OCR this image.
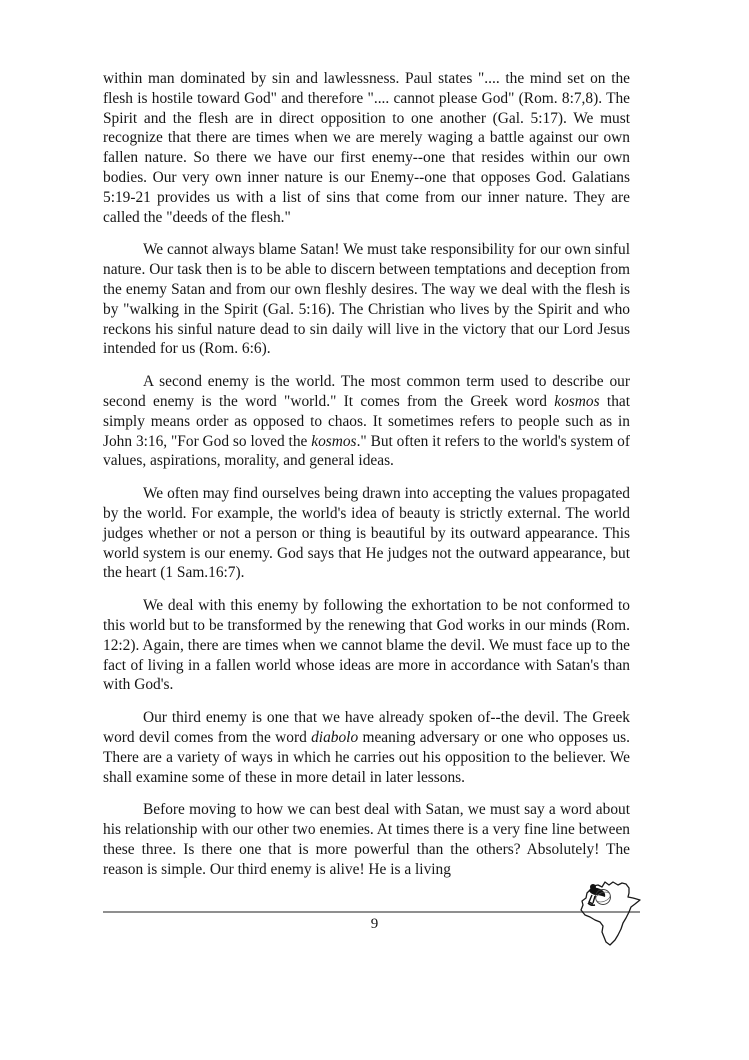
within man dominated by sin and lawlessness. Paul states ".... the mind set on the flesh is hostile toward God" and therefore ".... cannot please God" (Rom. 8:7,8). The Spirit and the flesh are in direct opposition to one another (Gal. 5:17). We must recognize that there are times when we are merely waging a battle against our own fallen nature. So there we have our first enemy--one that resides within our own bodies. Our very own inner nature is our Enemy--one that opposes God. Galatians 5:19-21 provides us with a list of sins that come from our inner nature. They are called the "deeds of the flesh."

We cannot always blame Satan! We must take responsibility for our own sinful nature. Our task then is to be able to discern between temptations and deception from the enemy Satan and from our own fleshly desires. The way we deal with the flesh is by "walking in the Spirit (Gal. 5:16). The Christian who lives by the Spirit and who reckons his sinful nature dead to sin daily will live in the victory that our Lord Jesus intended for us (Rom. 6:6).

A second enemy is the world. The most common term used to describe our second enemy is the word "world." It comes from the Greek word kosmos that simply means order as opposed to chaos. It sometimes refers to people such as in John 3:16, "For God so loved the kosmos." But often it refers to the world's system of values, aspirations, morality, and general ideas.

We often may find ourselves being drawn into accepting the values propagated by the world. For example, the world's idea of beauty is strictly external. The world judges whether or not a person or thing is beautiful by its outward appearance. This world system is our enemy. God says that He judges not the outward appearance, but the heart (1 Sam.16:7).

We deal with this enemy by following the exhortation to be not conformed to this world but to be transformed by the renewing that God works in our minds (Rom. 12:2). Again, there are times when we cannot blame the devil. We must face up to the fact of living in a fallen world whose ideas are more in accordance with Satan's than with God's.

Our third enemy is one that we have already spoken of--the devil. The Greek word devil comes from the word diabolo meaning adversary or one who opposes us. There are a variety of ways in which he carries out his opposition to the believer. We shall examine some of these in more detail in later lessons.

Before moving to how we can best deal with Satan, we must say a word about his relationship with our other two enemies. At times there is a very fine line between these three. Is there one that is more powerful than the others? Absolutely! The reason is simple. Our third enemy is alive! He is a living

9
